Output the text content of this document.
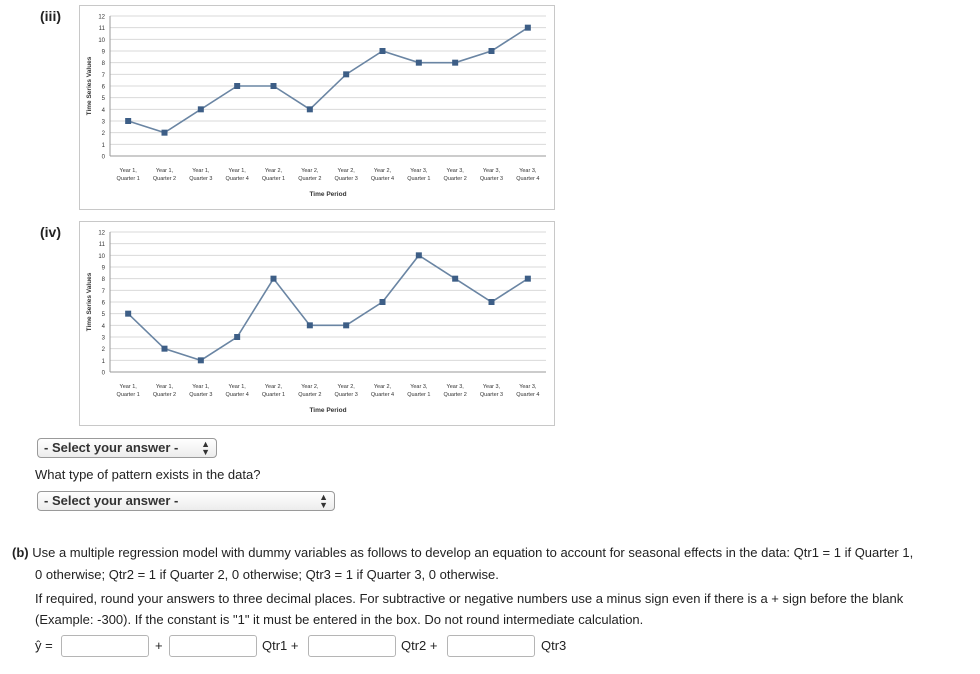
(iii)
0
1
2
3
4
5
6
7
8
9
10
11
12
Time Series Values
Year 1,
Quarter 1
Year 1,
Quarter 2
Year 1,
Quarter 3
Year 1,
Quarter 4
Year 2,
Quarter 1
Year 2,
Quarter 2
Year 2,
Quarter 3
Year 2,
Quarter 4
Year 3,
Quarter 1
Year 3,
Quarter 2
Year 3,
Quarter 3
Year 3,
Quarter 4
Time Period
(iv)
0
1
2
3
4
5
6
7
8
9
10
11
12
Time Series Values
Year 1,
Quarter 1
Year 1,
Quarter 2
Year 1,
Quarter 3
Year 1,
Quarter 4
Year 2,
Quarter 1
Year 2,
Quarter 2
Year 2,
Quarter 3
Year 2,
Quarter 4
Year 3,
Quarter 1
Year 3,
Quarter 2
Year 3,
Quarter 3
Year 3,
Quarter 4
Time Period
- Select your answer -	▲
▼
What type of pattern exists in the data?
- Select your answer -	▲
▼
(b) Use a multiple regression model with dummy variables as follows to develop an equation to account for seasonal effects in the data: Qtr1 = 1 if Quarter 1,
0 otherwise; Qtr2 = 1 if Quarter 2, 0 otherwise; Qtr3 = 1 if Quarter 3, 0 otherwise.
If required, round your answers to three decimal places. For subtractive or negative numbers use a minus sign even if there is a + sign before the blank
(Example: -300). If the constant is "1" it must be entered in the box. Do not round intermediate calculation.
ŷ =	+	Qtr1 +	Qtr2 +	Qtr3
